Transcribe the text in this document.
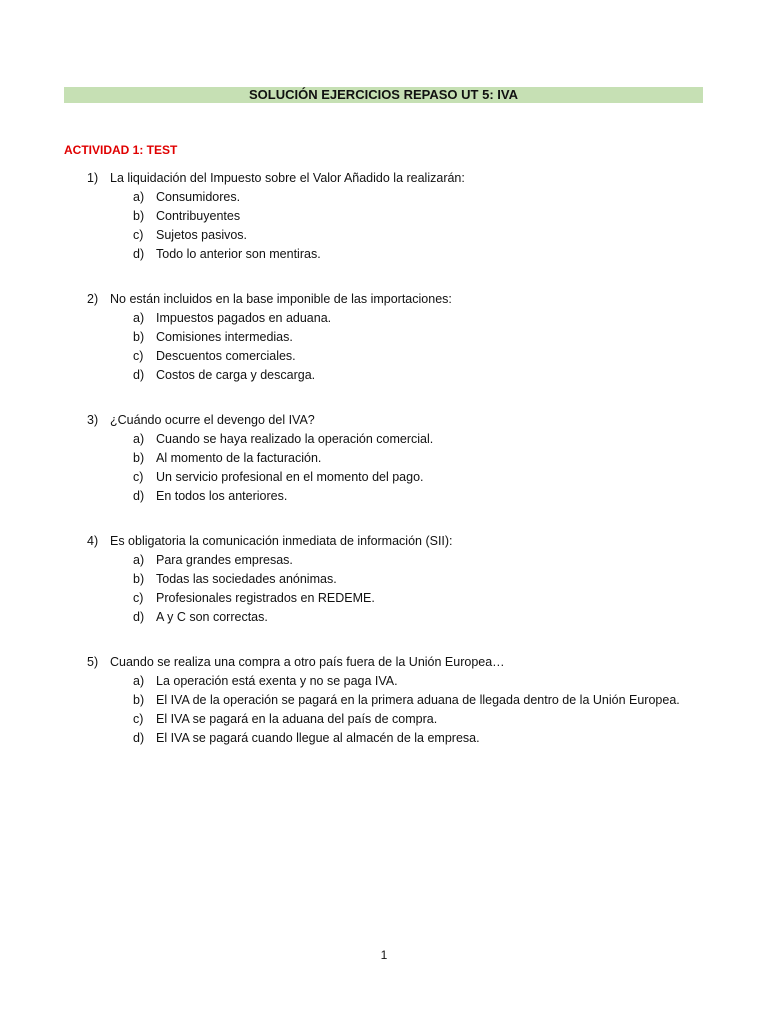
SOLUCIÓN EJERCICIOS REPASO UT 5: IVA
ACTIVIDAD 1: TEST
1) La liquidación del Impuesto sobre el Valor Añadido la realizarán:
a) Consumidores.
b) Contribuyentes
c) Sujetos pasivos.
d) Todo lo anterior son mentiras.
2) No están incluidos en la base imponible de las importaciones:
a) Impuestos pagados en aduana.
b) Comisiones intermedias.
c) Descuentos comerciales.
d) Costos de carga y descarga.
3) ¿Cuándo ocurre el devengo del IVA?
a) Cuando se haya realizado la operación comercial.
b) Al momento de la facturación.
c) Un servicio profesional en el momento del pago.
d) En todos los anteriores.
4) Es obligatoria la comunicación inmediata de información (SII):
a) Para grandes empresas.
b) Todas las sociedades anónimas.
c) Profesionales registrados en REDEME.
d) A y C son correctas.
5) Cuando se realiza una compra a otro país fuera de la Unión Europea…
a) La operación está exenta y no se paga IVA.
b) El IVA de la operación se pagará en la primera aduana de llegada dentro de la Unión Europea.
c) El IVA se pagará en la aduana del país de compra.
d) El IVA se pagará cuando llegue al almacén de la empresa.
1
